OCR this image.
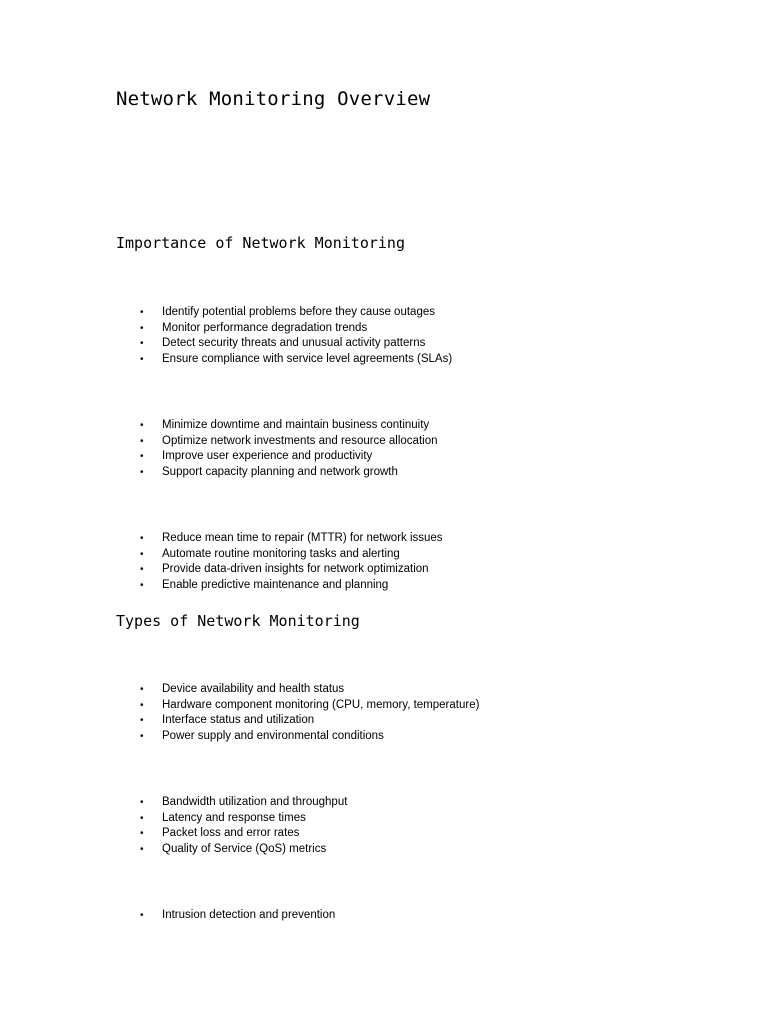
Network Monitoring Overview
Importance of Network Monitoring
• Identify potential problems before they cause outages
• Monitor performance degradation trends
• Detect security threats and unusual activity patterns
• Ensure compliance with service level agreements (SLAs)
• Minimize downtime and maintain business continuity
• Optimize network investments and resource allocation
• Improve user experience and productivity
• Support capacity planning and network growth
• Reduce mean time to repair (MTTR) for network issues
• Automate routine monitoring tasks and alerting
• Provide data-driven insights for network optimization
• Enable predictive maintenance and planning
Types of Network Monitoring
• Device availability and health status
• Hardware component monitoring (CPU, memory, temperature)
• Interface status and utilization
• Power supply and environmental conditions
• Bandwidth utilization and throughput
• Latency and response times
• Packet loss and error rates
• Quality of Service (QoS) metrics
• Intrusion detection and prevention
